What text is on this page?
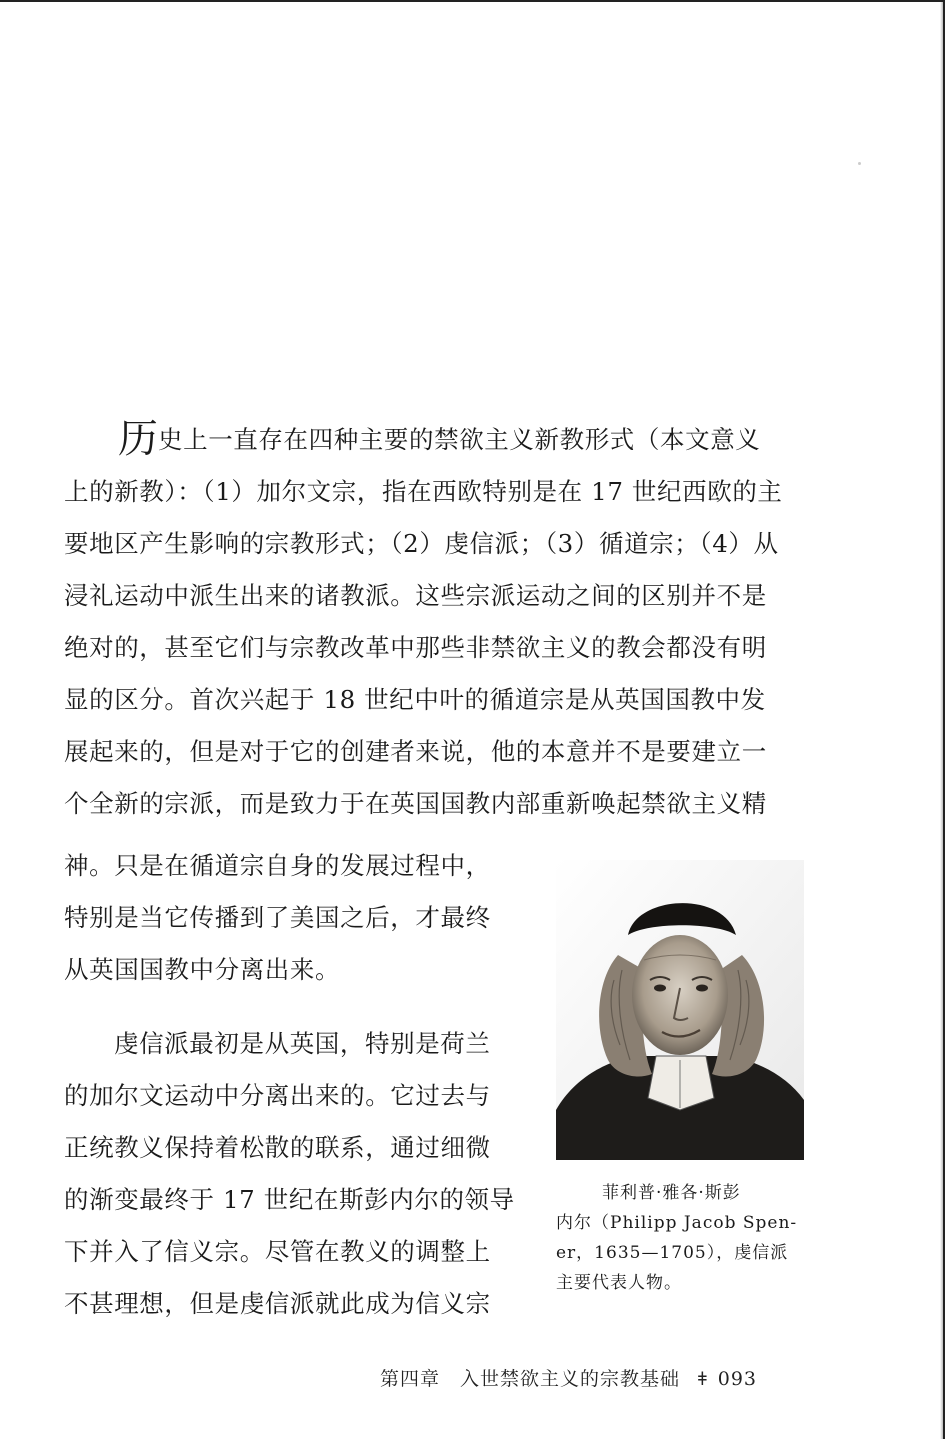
历史上一直存在四种主要的禁欲主义新教形式（本文意义
上的新教）：（1）加尔文宗，指在西欧特别是在 17 世纪西欧的主
要地区产生影响的宗教形式；（2）虔信派；（3）循道宗；（4）从
浸礼运动中派生出来的诸教派。这些宗派运动之间的区别并不是
绝对的，甚至它们与宗教改革中那些非禁欲主义的教会都没有明
显的区分。首次兴起于 18 世纪中叶的循道宗是从英国国教中发
展起来的，但是对于它的创建者来说，他的本意并不是要建立一
个全新的宗派，而是致力于在英国国教内部重新唤起禁欲主义精
神。只是在循道宗自身的发展过程中，
特别是当它传播到了美国之后，才最终
从英国国教中分离出来。
虔信派最初是从英国，特别是荷兰
的加尔文运动中分离出来的。它过去与
正统教义保持着松散的联系，通过细微
的渐变最终于 17 世纪在斯彭内尔的领导
下并入了信义宗。尽管在教义的调整上
不甚理想，但是虔信派就此成为信义宗
菲利普·雅各·斯彭
内尔（Philipp Jacob Spen-
er，1635—1705），虔信派
主要代表人物。
第四章　入世禁欲主义的宗教基础 ǂ 093
